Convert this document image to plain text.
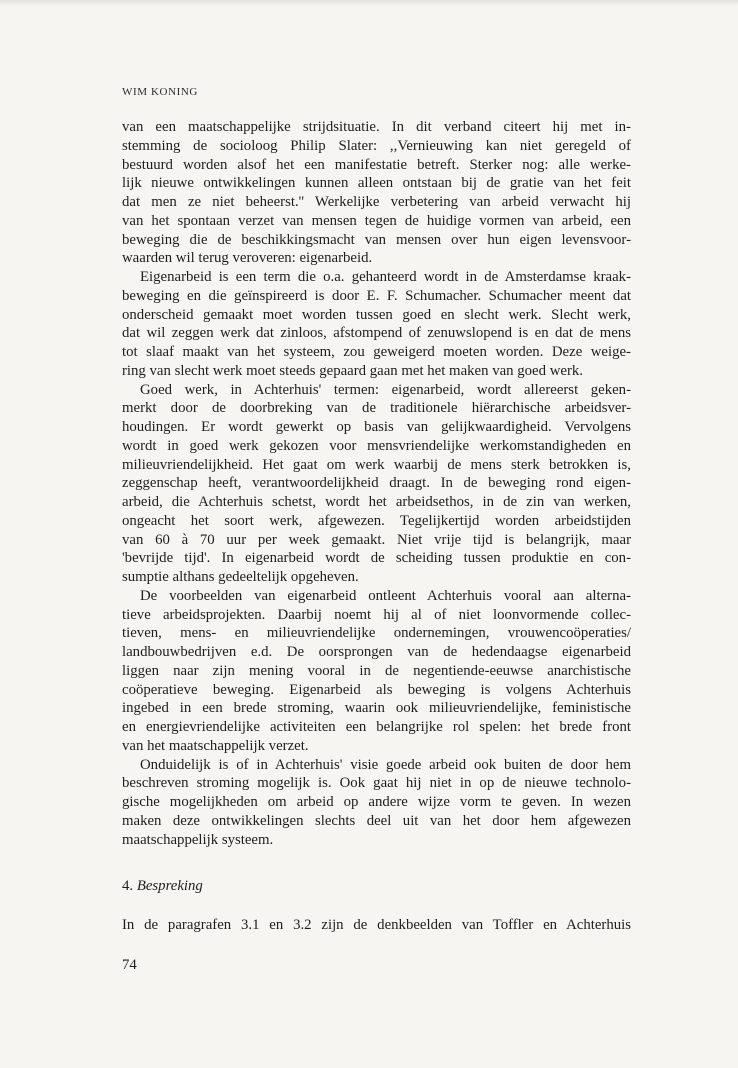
WIM KONING
van een maatschappelijke strijdsituatie. In dit verband citeert hij met in-
stemming de socioloog Philip Slater: ,,Vernieuwing kan niet geregeld of
bestuurd worden alsof het een manifestatie betreft. Sterker nog: alle werke-
lijk nieuwe ontwikkelingen kunnen alleen ontstaan bij de gratie van het feit
dat men ze niet beheerst.'' Werkelijke verbetering van arbeid verwacht hij
van het spontaan verzet van mensen tegen de huidige vormen van arbeid, een
beweging die de beschikkingsmacht van mensen over hun eigen levensvoor-
waarden wil terug veroveren: eigenarbeid.
Eigenarbeid is een term die o.a. gehanteerd wordt in de Amsterdamse kraak-
beweging en die geïnspireerd is door E. F. Schumacher. Schumacher meent dat
onderscheid gemaakt moet worden tussen goed en slecht werk. Slecht werk,
dat wil zeggen werk dat zinloos, afstompend of zenuwslopend is en dat de mens
tot slaaf maakt van het systeem, zou geweigerd moeten worden. Deze weige-
ring van slecht werk moet steeds gepaard gaan met het maken van goed werk.
Goed werk, in Achterhuis' termen: eigenarbeid, wordt allereerst geken-
merkt door de doorbreking van de traditionele hiërarchische arbeidsver-
houdingen. Er wordt gewerkt op basis van gelijkwaardigheid. Vervolgens
wordt in goed werk gekozen voor mensvriendelijke werkomstandigheden en
milieuvriendelijkheid. Het gaat om werk waarbij de mens sterk betrokken is,
zeggenschap heeft, verantwoordelijkheid draagt. In de beweging rond eigen-
arbeid, die Achterhuis schetst, wordt het arbeidsethos, in de zin van werken,
ongeacht het soort werk, afgewezen. Tegelijkertijd worden arbeidstijden
van 60 à 70 uur per week gemaakt. Niet vrije tijd is belangrijk, maar
'bevrijde tijd'. In eigenarbeid wordt de scheiding tussen produktie en con-
sumptie althans gedeeltelijk opgeheven.
De voorbeelden van eigenarbeid ontleent Achterhuis vooral aan alterna-
tieve arbeidsprojekten. Daarbij noemt hij al of niet loonvormende collec-
tieven, mens- en milieuvriendelijke ondernemingen, vrouwencoöperaties/
landbouwbedrijven e.d. De oorsprongen van de hedendaagse eigenarbeid
liggen naar zijn mening vooral in de negentiende-eeuwse anarchistische
coöperatieve beweging. Eigenarbeid als beweging is volgens Achterhuis
ingebed in een brede stroming, waarin ook milieuvriendelijke, feministische
en energievriendelijke activiteiten een belangrijke rol spelen: het brede front
van het maatschappelijk verzet.
Onduidelijk is of in Achterhuis' visie goede arbeid ook buiten de door hem
beschreven stroming mogelijk is. Ook gaat hij niet in op de nieuwe technolo-
gische mogelijkheden om arbeid op andere wijze vorm te geven. In wezen
maken deze ontwikkelingen slechts deel uit van het door hem afgewezen
maatschappelijk systeem.
4. Bespreking
In de paragrafen 3.1 en 3.2 zijn de denkbeelden van Toffler en Achterhuis
74
